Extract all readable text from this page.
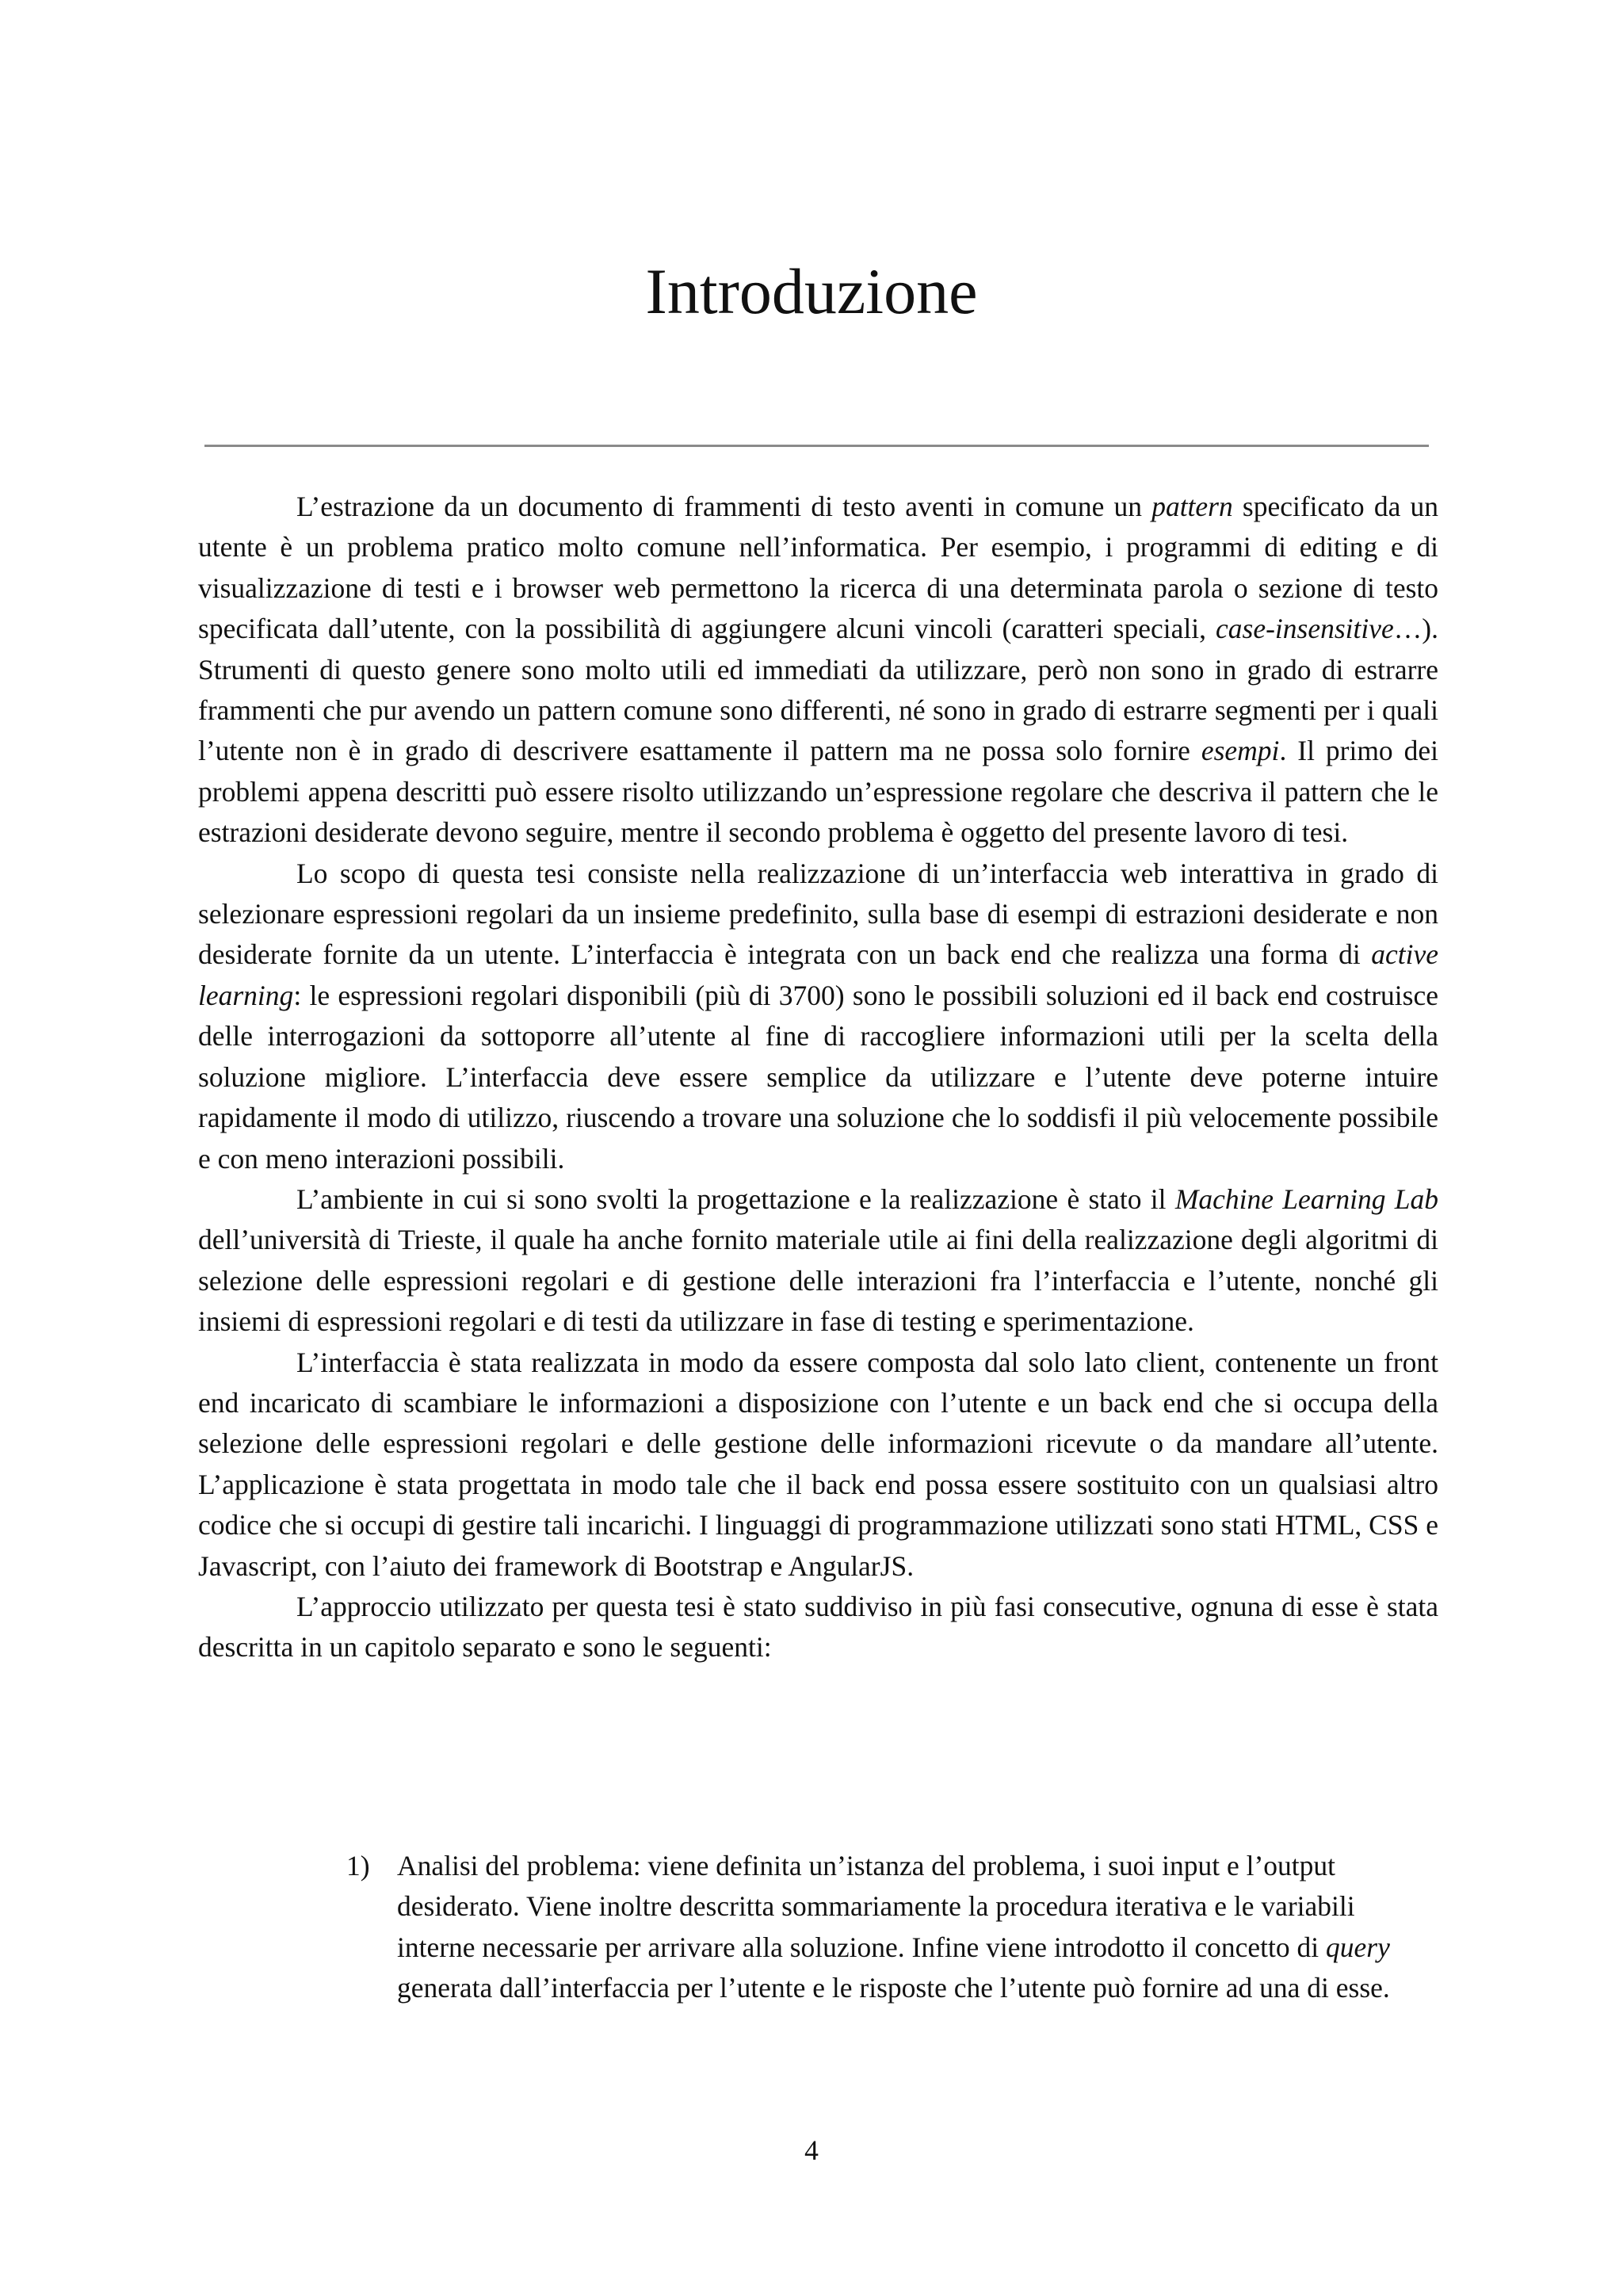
Introduzione

L’estrazione da un documento di frammenti di testo aventi in comune un pattern specificato da un utente è un problema pratico molto comune nell’informatica. Per esempio, i programmi di editing e di visualizzazione di testi e i browser web permettono la ricerca di una determinata parola o sezione di testo specificata dall’utente, con la possibilità di aggiungere alcuni vincoli (caratteri speciali, case-insensitive…). Strumenti di questo genere sono molto utili ed immediati da utilizzare, però non sono in grado di estrarre frammenti che pur avendo un pattern comune sono differenti, né sono in grado di estrarre segmenti per i quali l’utente non è in grado di descrivere esattamente il pattern ma ne possa solo fornire esempi. Il primo dei problemi appena descritti può essere risolto utilizzando un’espressione regolare che descriva il pattern che le estrazioni desiderate devono seguire, mentre il secondo problema è oggetto del presente lavoro di tesi.

Lo scopo di questa tesi consiste nella realizzazione di un’interfaccia web interattiva in grado di selezionare espressioni regolari da un insieme predefinito, sulla base di esempi di estrazioni desiderate e non desiderate fornite da un utente. L’interfaccia è integrata con un back end che realizza una forma di active learning: le espressioni regolari disponibili (più di 3700) sono le possibili soluzioni ed il back end costruisce delle interrogazioni da sottoporre all’utente al fine di raccogliere informazioni utili per la scelta della soluzione migliore. L’interfaccia deve essere semplice da utilizzare e l’utente deve poterne intuire rapidamente il modo di utilizzo, riuscendo a trovare una soluzione che lo soddisfi il più velocemente possibile e con meno interazioni possibili.

L’ambiente in cui si sono svolti la progettazione e la realizzazione è stato il Machine Learning Lab dell’università di Trieste, il quale ha anche fornito materiale utile ai fini della realizzazione degli algoritmi di selezione delle espressioni regolari e di gestione delle interazioni fra l’interfaccia e l’utente, nonché gli insiemi di espressioni regolari e di testi da utilizzare in fase di testing e sperimentazione.

L’interfaccia è stata realizzata in modo da essere composta dal solo lato client, contenente un front end incaricato di scambiare le informazioni a disposizione con l’utente e un back end che si occupa della selezione delle espressioni regolari e delle gestione delle informazioni ricevute o da mandare all’utente. L’applicazione è stata progettata in modo tale che il back end possa essere sostituito con un qualsiasi altro codice che si occupi di gestire tali incarichi. I linguaggi di programmazione utilizzati sono stati HTML, CSS e Javascript, con l’aiuto dei framework di Bootstrap e AngularJS.

L’approccio utilizzato per questa tesi è stato suddiviso in più fasi consecutive, ognuna di esse è stata descritta in un capitolo separato e sono le seguenti:

1) Analisi del problema: viene definita un’istanza del problema, i suoi input e l’output desiderato. Viene inoltre descritta sommariamente la procedura iterativa e le variabili interne necessarie per arrivare alla soluzione. Infine viene introdotto il concetto di query generata dall’interfaccia per l’utente e le risposte che l’utente può fornire ad una di esse.

4
